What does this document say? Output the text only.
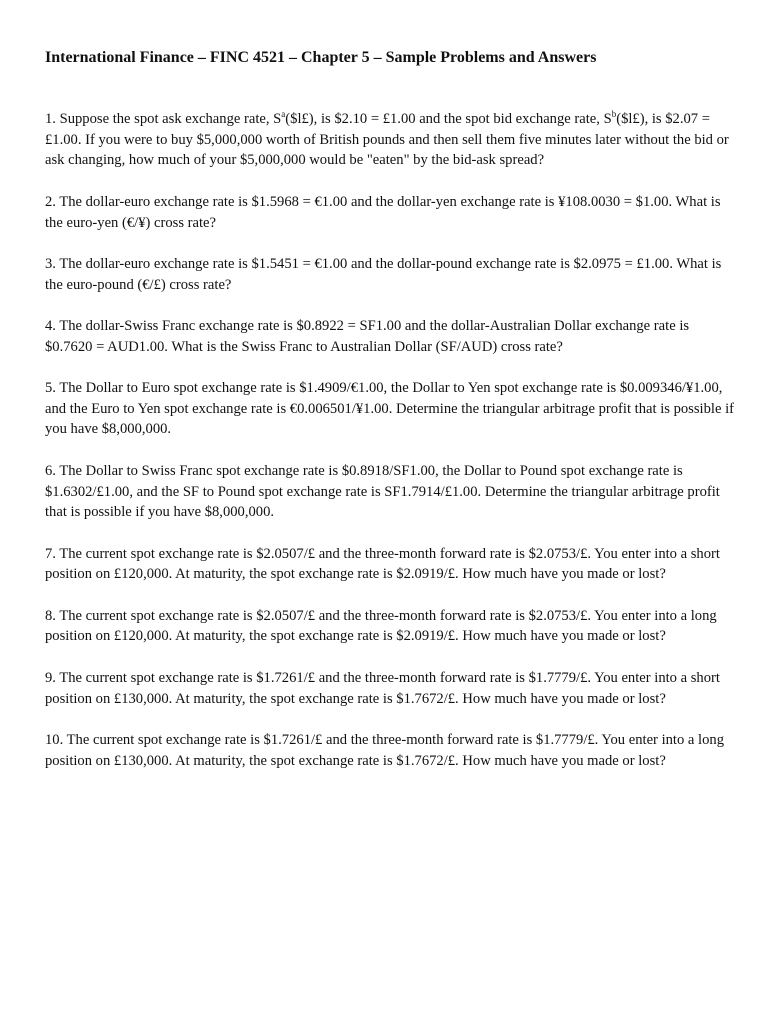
International Finance – FINC 4521 – Chapter 5 – Sample Problems and Answers
1. Suppose the spot ask exchange rate, $S^a(\$l£)$, is $2.10 = £1.00 and the spot bid exchange rate, $S^b(\$l£)$, is $2.07 = £1.00. If you were to buy $5,000,000 worth of British pounds and then sell them five minutes later without the bid or ask changing, how much of your $5,000,000 would be "eaten" by the bid-ask spread?
2. The dollar-euro exchange rate is $1.5968 = €1.00 and the dollar-yen exchange rate is ¥108.0030 = $1.00. What is the euro-yen (€/¥) cross rate?
3. The dollar-euro exchange rate is $1.5451 = €1.00 and the dollar-pound exchange rate is $2.0975 = £1.00. What is the euro-pound (€/£) cross rate?
4. The dollar-Swiss Franc exchange rate is $0.8922 = SF1.00 and the dollar-Australian Dollar exchange rate is $0.7620 = AUD1.00. What is the Swiss Franc to Australian Dollar (SF/AUD) cross rate?
5. The Dollar to Euro spot exchange rate is $1.4909/€1.00, the Dollar to Yen spot exchange rate is $0.009346/¥1.00, and the Euro to Yen spot exchange rate is €0.006501/¥1.00. Determine the triangular arbitrage profit that is possible if you have $8,000,000.
6. The Dollar to Swiss Franc spot exchange rate is $0.8918/SF1.00, the Dollar to Pound spot exchange rate is $1.6302/£1.00, and the SF to Pound spot exchange rate is SF1.7914/£1.00. Determine the triangular arbitrage profit that is possible if you have $8,000,000.
7. The current spot exchange rate is $2.0507/£ and the three-month forward rate is $2.0753/£. You enter into a short position on £120,000. At maturity, the spot exchange rate is $2.0919/£. How much have you made or lost?
8. The current spot exchange rate is $2.0507/£ and the three-month forward rate is $2.0753/£. You enter into a long position on £120,000. At maturity, the spot exchange rate is $2.0919/£. How much have you made or lost?
9. The current spot exchange rate is $1.7261/£ and the three-month forward rate is $1.7779/£. You enter into a short position on £130,000. At maturity, the spot exchange rate is $1.7672/£. How much have you made or lost?
10. The current spot exchange rate is $1.7261/£ and the three-month forward rate is $1.7779/£. You enter into a long position on £130,000. At maturity, the spot exchange rate is $1.7672/£. How much have you made or lost?
